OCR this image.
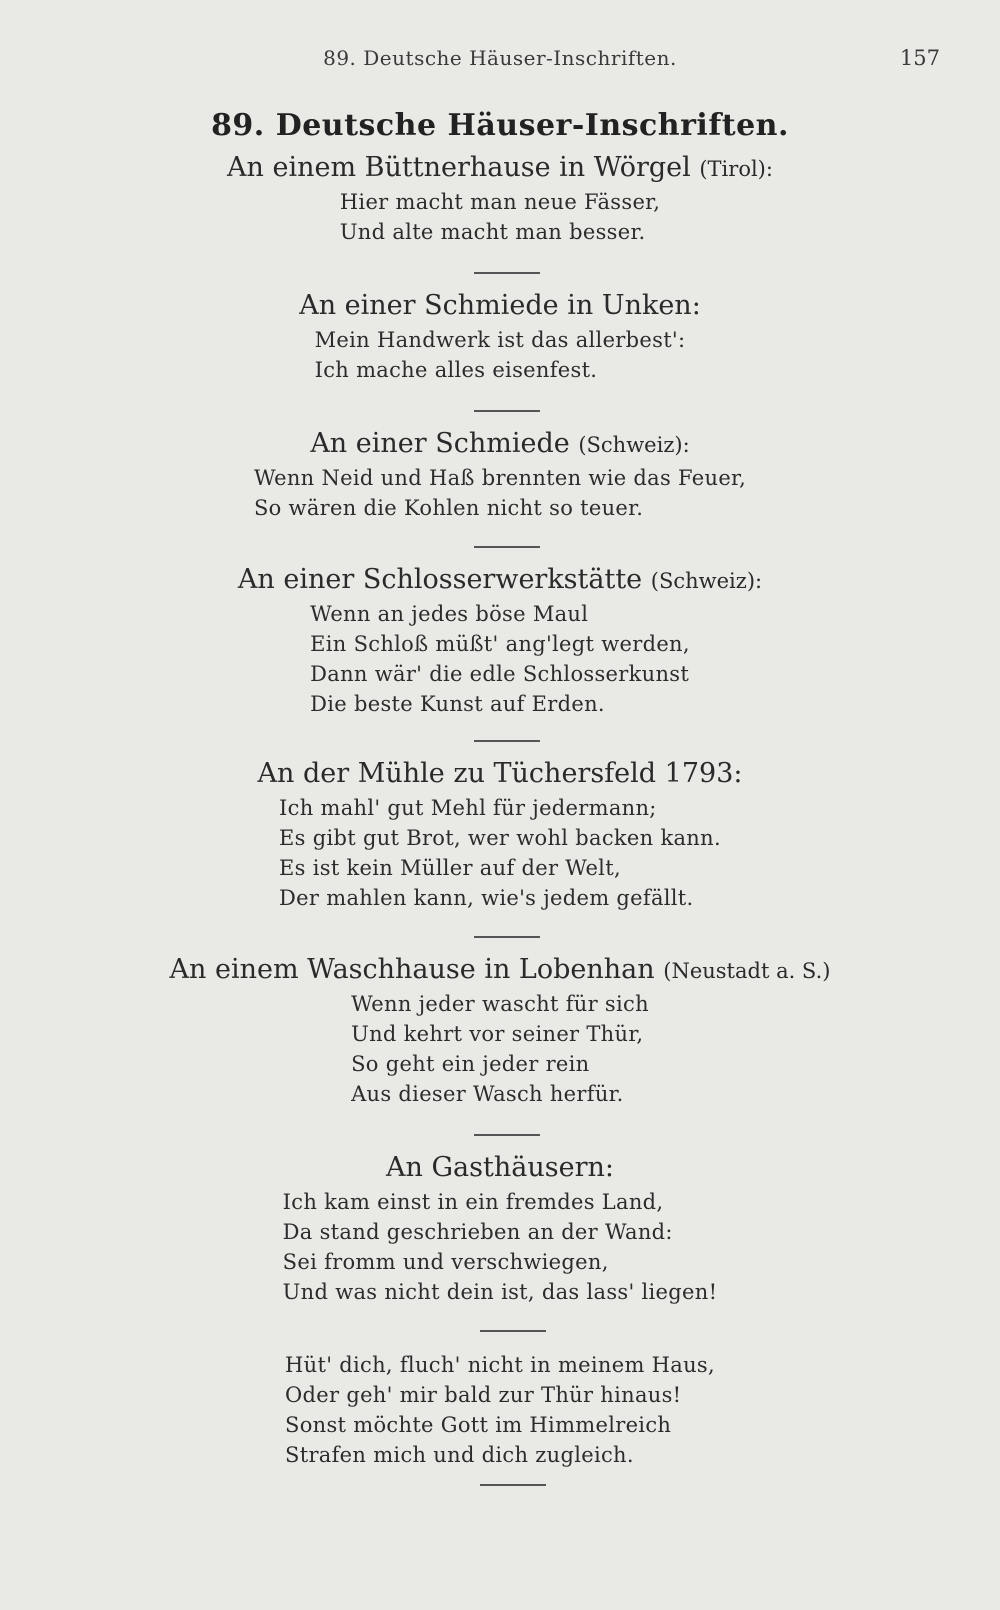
89. Deutsche Häuser-Inschriften.	157
89. Deutsche Häuser-Inschriften.
An einem Büttnerhause in Wörgel (Tirol):
Hier macht man neue Fässer,
Und alte macht man besser.
An einer Schmiede in Unken:
Mein Handwerk ist das allerbest':
Ich mache alles eisenfest.
An einer Schmiede (Schweiz):
Wenn Neid und Haß brennten wie das Feuer,
So wären die Kohlen nicht so teuer.
An einer Schlosserwerkstätte (Schweiz):
Wenn an jedes böse Maul
Ein Schloß müßt' ang'legt werden,
Dann wär' die edle Schlosserkunst
Die beste Kunst auf Erden.
An der Mühle zu Tüchersfeld 1793:
Ich mahl' gut Mehl für jedermann;
Es gibt gut Brot, wer wohl backen kann.
Es ist kein Müller auf der Welt,
Der mahlen kann, wie's jedem gefällt.
An einem Waschhause in Lobenhan (Neustadt a. S.)
Wenn jeder wascht für sich
Und kehrt vor seiner Thür,
So geht ein jeder rein
Aus dieser Wasch herfür.
An Gasthäusern:
Ich kam einst in ein fremdes Land,
Da stand geschrieben an der Wand:
Sei fromm und verschwiegen,
Und was nicht dein ist, das lass' liegen!
Hüt' dich, fluch' nicht in meinem Haus,
Oder geh' mir bald zur Thür hinaus!
Sonst möchte Gott im Himmelreich
Strafen mich und dich zugleich.
